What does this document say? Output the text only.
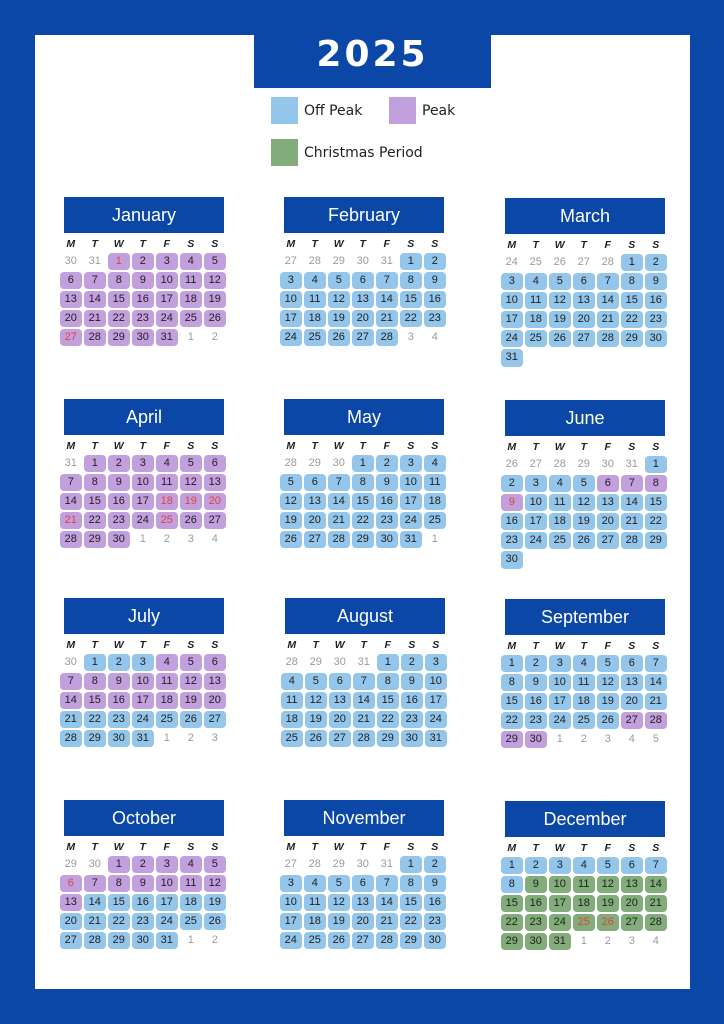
2025
Off Peak	Peak
Christmas Period
January
M	T	W	T	F	S	S
30	31	1	2	3	4	5
6	7	8	9	10	11	12
13	14	15	16	17	18	19
20	21	22	23	24	25	26
27	28	29	30	31	1	2
February
M	T	W	T	F	S	S
27	28	29	30	31	1	2
3	4	5	6	7	8	9
10	11	12	13	14	15	16
17	18	19	20	21	22	23
24	25	26	27	28	3	4
March
M	T	W	T	F	S	S
24	25	26	27	28	1	2
3	4	5	6	7	8	9
10	11	12	13	14	15	16
17	18	19	20	21	22	23
24	25	26	27	28	29	30
31
April
M	T	W	T	F	S	S
31	1	2	3	4	5	6
7	8	9	10	11	12	13
14	15	16	17	18	19	20
21	22	23	24	25	26	27
28	29	30	1	2	3	4
May
M	T	W	T	F	S	S
28	29	30	1	2	3	4
5	6	7	8	9	10	11
12	13	14	15	16	17	18
19	20	21	22	23	24	25
26	27	28	29	30	31	1
June
M	T	W	T	F	S	S
26	27	28	29	30	31	1
2	3	4	5	6	7	8
9	10	11	12	13	14	15
16	17	18	19	20	21	22
23	24	25	26	27	28	29
30
July
M	T	W	T	F	S	S
30	1	2	3	4	5	6
7	8	9	10	11	12	13
14	15	16	17	18	19	20
21	22	23	24	25	26	27
28	29	30	31	1	2	3
August
M	T	W	T	F	S	S
28	29	30	31	1	2	3
4	5	6	7	8	9	10
11	12	13	14	15	16	17
18	19	20	21	22	23	24
25	26	27	28	29	30	31
September
M	T	W	T	F	S	S
1	2	3	4	5	6	7
8	9	10	11	12	13	14
15	16	17	18	19	20	21
22	23	24	25	26	27	28
29	30	1	2	3	4	5
October
M	T	W	T	F	S	S
29	30	1	2	3	4	5
6	7	8	9	10	11	12
13	14	15	16	17	18	19
20	21	22	23	24	25	26
27	28	29	30	31	1	2
November
M	T	W	T	F	S	S
27	28	29	30	31	1	2
3	4	5	6	7	8	9
10	11	12	13	14	15	16
17	18	19	20	21	22	23
24	25	26	27	28	29	30
December
M	T	W	T	F	S	S
1	2	3	4	5	6	7
8	9	10	11	12	13	14
15	16	17	18	19	20	21
22	23	24	25	26	27	28
29	30	31	1	2	3	4
